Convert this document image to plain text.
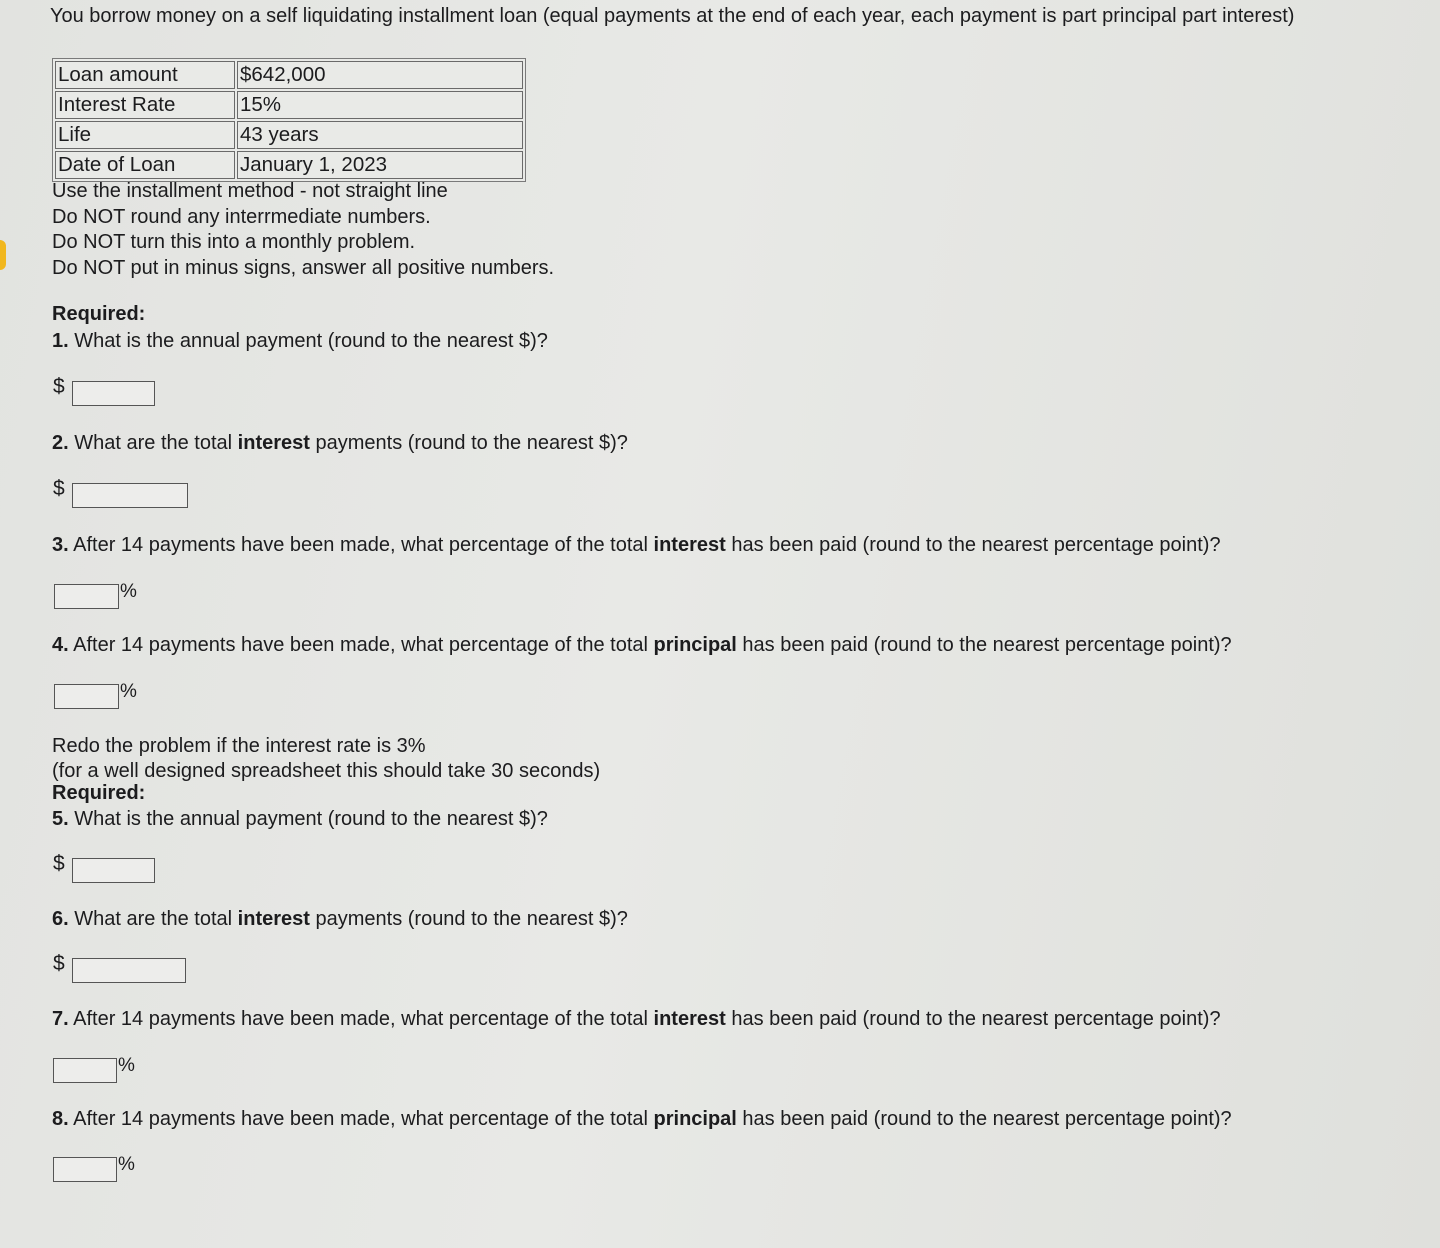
You borrow money on a self liquidating installment loan (equal payments at the end of each year, each payment is part principal part interest)
Loan amount	$642,000
Interest Rate	15%
Life	43 years
Date of Loan	January 1, 2023
Use the installment method - not straight line
Do NOT round any interrmediate numbers.
Do NOT turn this into a monthly problem.
Do NOT put in minus signs, answer all positive numbers.
Required:
1. What is the annual payment (round to the nearest $)?
$
2. What are the total interest payments (round to the nearest $)?
$
3. After 14 payments have been made, what percentage of the total interest has been paid (round to the nearest percentage point)?
%
4. After 14 payments have been made, what percentage of the total principal has been paid (round to the nearest percentage point)?
%
Redo the problem if the interest rate is 3%
(for a well designed spreadsheet this should take 30 seconds)
Required:
5. What is the annual payment (round to the nearest $)?
$
6. What are the total interest payments (round to the nearest $)?
$
7. After 14 payments have been made, what percentage of the total interest has been paid (round to the nearest percentage point)?
%
8. After 14 payments have been made, what percentage of the total principal has been paid (round to the nearest percentage point)?
%
